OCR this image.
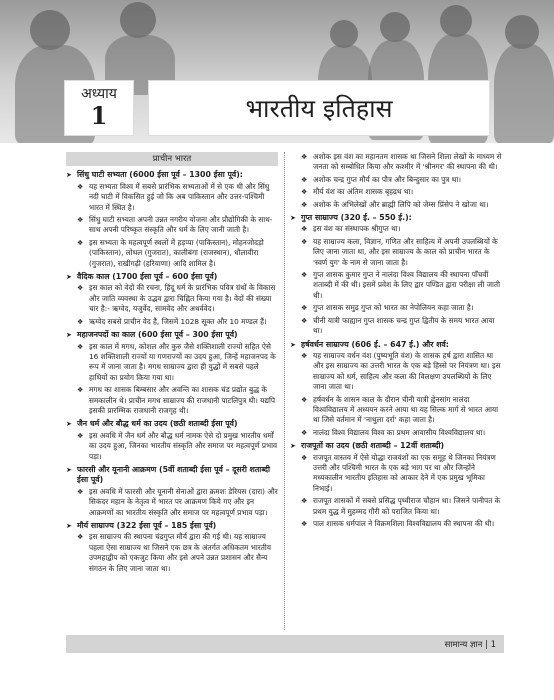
अध्याय
1	भारतीय इतिहास
प्राचीन भारत
➤ सिंधु घाटी सभ्यता (6000 ईसा पूर्व – 1300 ईसा पूर्व):
❖ यह सभ्यता विश्व में सबसे प्रारंभिक सभ्यताओं में से एक थी और सिंधु नदी घाटी में विकसित हुई जो कि अब पाकिस्तान और उत्तर-पश्चिमी भारत में स्थित है।
❖ सिंधु घाटी सभ्यता अपनी उन्नत नगरीय योजना और प्रौद्योगिकी के साथ-साथ अपनी परिष्कृत संस्कृति और धर्म के लिए जानी जाती है।
❖ इस सभ्यता के महत्वपूर्ण स्थलों में हड़प्पा (पाकिस्तान), मोहनजोदड़ो (पाकिस्तान), लोथल (गुजरात), कालीबंगा (राजस्थान), धौलावीरा (गुजरात), राखीगढ़ी (हरियाणा) आदि शामिल है।
➤ वैदिक काल (1700 ईसा पूर्व – 600 ईसा पूर्व)
❖ इस काल को वेदों की रचना, हिंदू धर्म के प्रारंभिक पवित्र ग्रंथों के विकास और जाति व्यवस्था के उद्भव द्वारा चिह्नित किया गया है। वेदों की संख्या चार है:- ऋग्वेद, यजुर्वेद, सामवेद और अथर्ववेद।
❖ ऋग्वेद सबसे प्राचीन वेद है, जिसमें 1028 सूक्त और 10 मण्डल हैं।
➤ महाजनपदों का काल (600 ईसा पूर्व – 300 ईसा पूर्व)
❖ इस काल में मगध, कोशल और कुरु जैसे शक्तिशाली राज्यों सहित ऐसे 16 शक्तिशाली राज्यों या गणराज्यों का उदय हुआ, जिन्हें महाजनपद के रूप में जाना जाता है। मगध साम्राज्य द्वारा ही युद्धों में सबसे पहले हाथियों का प्रयोग किया गया था।
❖ मगध का शासक बिम्बसार और अवन्ति का शासक चंड प्रद्योत बुद्ध के समकालीन थे। प्राचीन मगध साम्राज्य की राजधानी पाटलिपुत्र थी। यद्यपि इसकी प्रारम्भिक राजधानी राजगृह थी।
➤ जैन धर्म और बौद्ध धर्म का उदय (छठी शताब्दी ईसा पूर्व)
❖ इस अवधि में जैन धर्म और बौद्ध धर्म नामक ऐसे दो प्रमुख भारतीय धर्मों का उदय हुआ, जिनका भारतीय संस्कृति और समाज पर महत्वपूर्ण प्रभाव पड़ा।
➤ फारसी और यूनानी आक्रमण (5वीं शताब्दी ईसा पूर्व – दूसरी शताब्दी ईसा पूर्व)
❖ इस अवधि में फारसी और यूनानी सेनाओं द्वारा क्रमशः डेरियस (दारा) और सिकंदर महान के नेतृत्व में भारत पर आक्रमण किये गए और इन आक्रमणों का भारतीय संस्कृति और समाज पर महत्वपूर्ण प्रभाव पड़ा।
➤ मौर्य साम्राज्य (322 ईसा पूर्व – 185 ईसा पूर्व)
❖ इस साम्राज्य की स्थापना चंद्रगुप्त मौर्य द्वारा की गई थी। यह साम्राज्य पहला ऐसा साम्राज्य था जिसने एक छत्र के अंतर्गत अधिकतम भारतीय उपमहाद्वीप को एकजुट किया और इसे अपने उन्नत प्रशासन और सैन्य संगठन के लिए जाना जाता था।
❖ अशोक इस वंश का महानतम शासक था जिसने शिला लेखों के माध्यम से जनता को सम्बोधित किया और कश्मीर में 'श्रीनगर' की स्थापना की थी।
❖ अशोक चन्द्र गुप्त मौर्य का पौत्र और बिन्दुसार का पुत्र था।
❖ मौर्य वंश का अंतिम शासक बृहद्रथ था।
❖ अशोक के अभिलेखों और ब्राह्मी लिपि को जेम्स प्रिंसेप ने खोजा था।
➤ गुप्त साम्राज्य (320 ई. – 550 ई.):
❖ इस वंश का संस्थापक श्रीगुप्त था।
❖ यह साम्राज्य कला, विज्ञान, गणित और साहित्य में अपनी उपलब्धियों के लिए जाना जाता था, और इस साम्राज्य के काल को प्राचीन भारत के 'स्वर्ण युग' के नाम से जाना जाता है।
❖ गुप्त शासक कुमार गुप्त ने नालंदा विश्व विद्यालय की स्थापना पाँचवीं शताब्दी में की थी। इसमें प्रवेश के लिए द्वार पण्डित द्वारा परीक्षा ली जाती थी।
❖ गुप्त शासक समुद्र गुप्त को भारत का नेपोलियन कहा जाता है।
❖ चीनी यात्री फाह्यान गुप्त शासक चन्द्र गुप्त द्वितीय के समय भारत आया था।
➤ हर्षवर्धन साम्राज्य (606 ई. – 647 ई.) और शर्व:
❖ यह साम्राज्य वर्धन वंश (पुष्यभूति वंश) के शासक हर्ष द्वारा शासित था और इस साम्राज्य का उत्तरी भारत के एक बड़े हिस्से पर नियंत्रण था। इस साम्राज्य को धर्म, साहित्य और कला की विलक्षण उपलब्धियों के लिए जाना जाता था।
❖ हर्षवर्धन के शासन काल के दौरान चीनी यात्री ह्वेनसांग नालंदा विश्वविद्यालय में अध्ययन करने आया था यह सिल्क मार्ग से भारत आया था जिसे वर्तमान में 'नाथुला दर्रा' कहा जाता है।
❖ नालंदा विश्व विद्यालय विश्व का प्रथम आवासीय विश्वविद्यालय था।
➤ राजपूतों का उदय (छठी शताब्दी – 12वीं शताब्दी)
❖ राजपूत वास्तव में ऐसे योद्धा राजवंशों का एक समूह थे जिनका नियंत्रण उत्तरी और पश्चिमी भारत के एक बड़े भाग पर था और जिन्होंने मध्यकालीन भारतीय इतिहास को आकार देने में एक प्रमुख भूमिका निभाई।
❖ राजपूत शासकों में सबसे प्रसिद्ध पृथ्वीराज चौहान था। जिसने पानीपत के प्रथम युद्ध में मुहम्मद गौरी को पराजित किया था।
❖ पाल शासक धर्मपाल ने विक्रमशिला विश्वविद्यालय की स्थापना की थी।
सामान्य ज्ञान | 1
